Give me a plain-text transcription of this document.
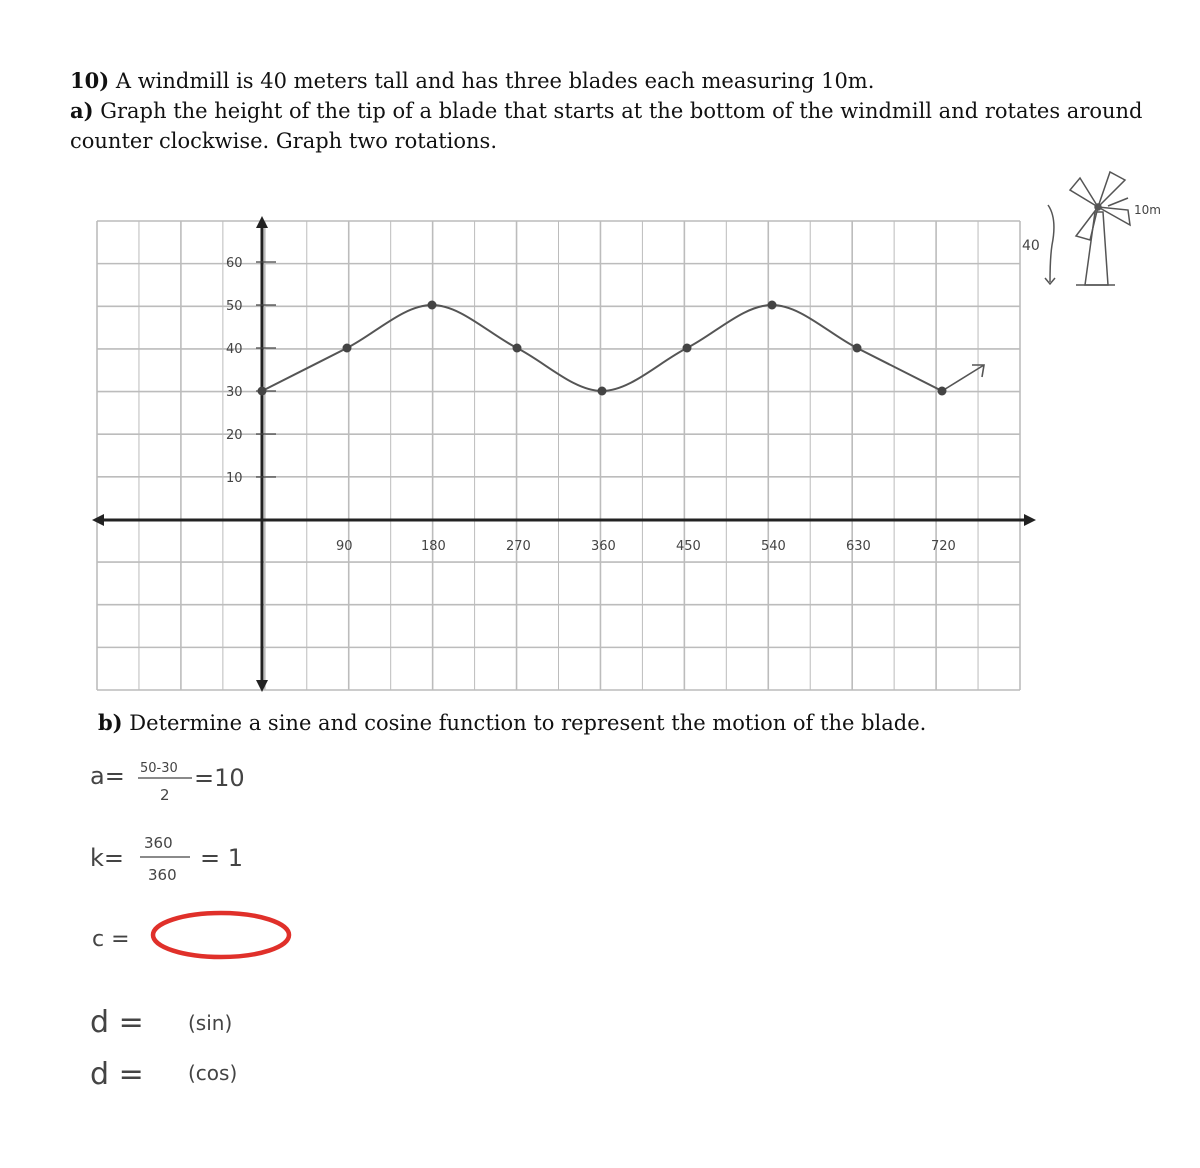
10) A windmill is 40 meters tall and has three blades each measuring 10m.

a) Graph the height of the tip of a blade that starts at the bottom of the windmill and rotates around counter clockwise. Graph two rotations.

b) Determine a sine and cosine function to represent the motion of the blade.

60
50
40
30
20
10
90	180	270	360	450	540	630	720
40
10m
a= 50-30
2
=10
k=
360
360
= 1
c =
d = (sin)
d = (cos)
